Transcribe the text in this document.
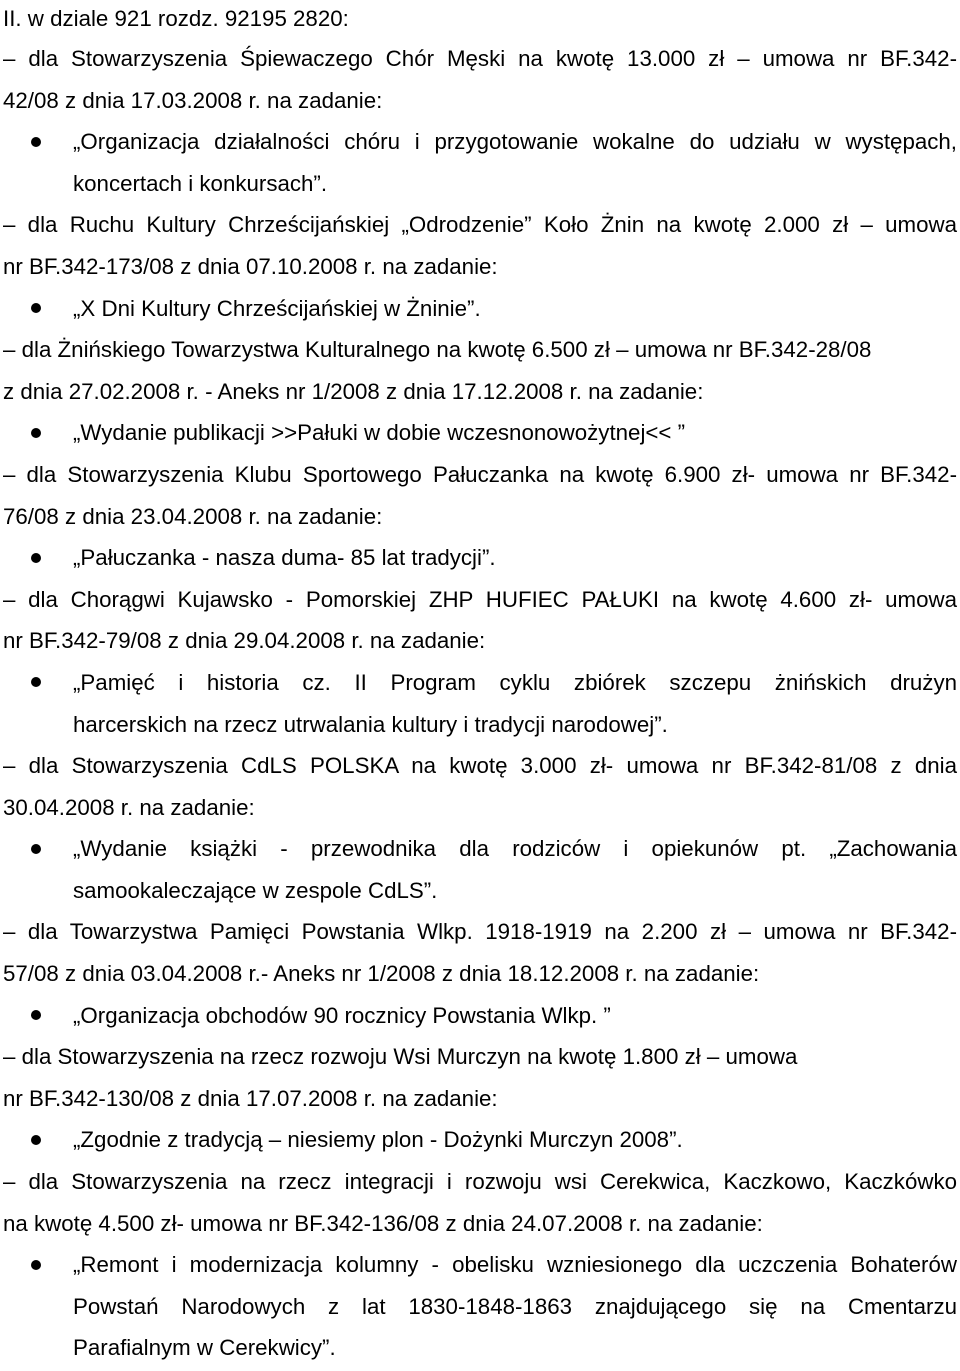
II. w dziale 921 rozdz. 92195 2820:
– dla Stowarzyszenia Śpiewaczego Chór Męski na kwotę 13.000 zł – umowa nr BF.342-
42/08 z dnia 17.03.2008 r. na zadanie:
„Organizacja działalności chóru i przygotowanie wokalne do udziału w występach,
koncertach i konkursach”.
– dla Ruchu Kultury Chrześcijańskiej „Odrodzenie” Koło Żnin na kwotę 2.000 zł – umowa
nr BF.342-173/08 z dnia 07.10.2008 r. na zadanie:
„X Dni Kultury Chrześcijańskiej w Żninie”.
– dla Żnińskiego Towarzystwa Kulturalnego na kwotę 6.500 zł – umowa nr BF.342-28/08
z dnia 27.02.2008 r. - Aneks nr 1/2008 z dnia 17.12.2008 r. na zadanie:
„Wydanie publikacji >>Pałuki w dobie wczesnonowożytnej<< ”
– dla Stowarzyszenia Klubu Sportowego Pałuczanka na kwotę 6.900 zł- umowa nr BF.342-
76/08 z dnia 23.04.2008 r. na zadanie:
„Pałuczanka - nasza duma- 85 lat tradycji”.
– dla Chorągwi Kujawsko - Pomorskiej ZHP HUFIEC PAŁUKI na kwotę 4.600 zł- umowa
nr BF.342-79/08 z dnia 29.04.2008 r. na zadanie:
„Pamięć i historia cz. II Program cyklu zbiórek szczepu żnińskich drużyn
harcerskich na rzecz utrwalania kultury i tradycji narodowej”.
– dla Stowarzyszenia CdLS POLSKA na kwotę 3.000 zł- umowa nr BF.342-81/08 z dnia
30.04.2008 r. na zadanie:
„Wydanie książki - przewodnika dla rodziców i opiekunów pt. „Zachowania
samookaleczające w zespole CdLS”.
– dla Towarzystwa Pamięci Powstania Wlkp. 1918-1919 na 2.200 zł – umowa nr BF.342-
57/08 z dnia 03.04.2008 r.- Aneks nr 1/2008 z dnia 18.12.2008 r. na zadanie:
„Organizacja obchodów 90 rocznicy Powstania Wlkp. ”
– dla Stowarzyszenia na rzecz rozwoju Wsi Murczyn na kwotę 1.800 zł – umowa
nr BF.342-130/08 z dnia 17.07.2008 r. na zadanie:
„Zgodnie z tradycją – niesiemy plon - Dożynki Murczyn 2008”.
– dla Stowarzyszenia na rzecz integracji i rozwoju wsi Cerekwica, Kaczkowo, Kaczkówko
na kwotę 4.500 zł- umowa nr BF.342-136/08 z dnia 24.07.2008 r. na zadanie:
„Remont i modernizacja kolumny - obelisku wzniesionego dla uczczenia Bohaterów
Powstań Narodowych z lat 1830-1848-1863 znajdującego się na Cmentarzu
Parafialnym w Cerekwicy”.
